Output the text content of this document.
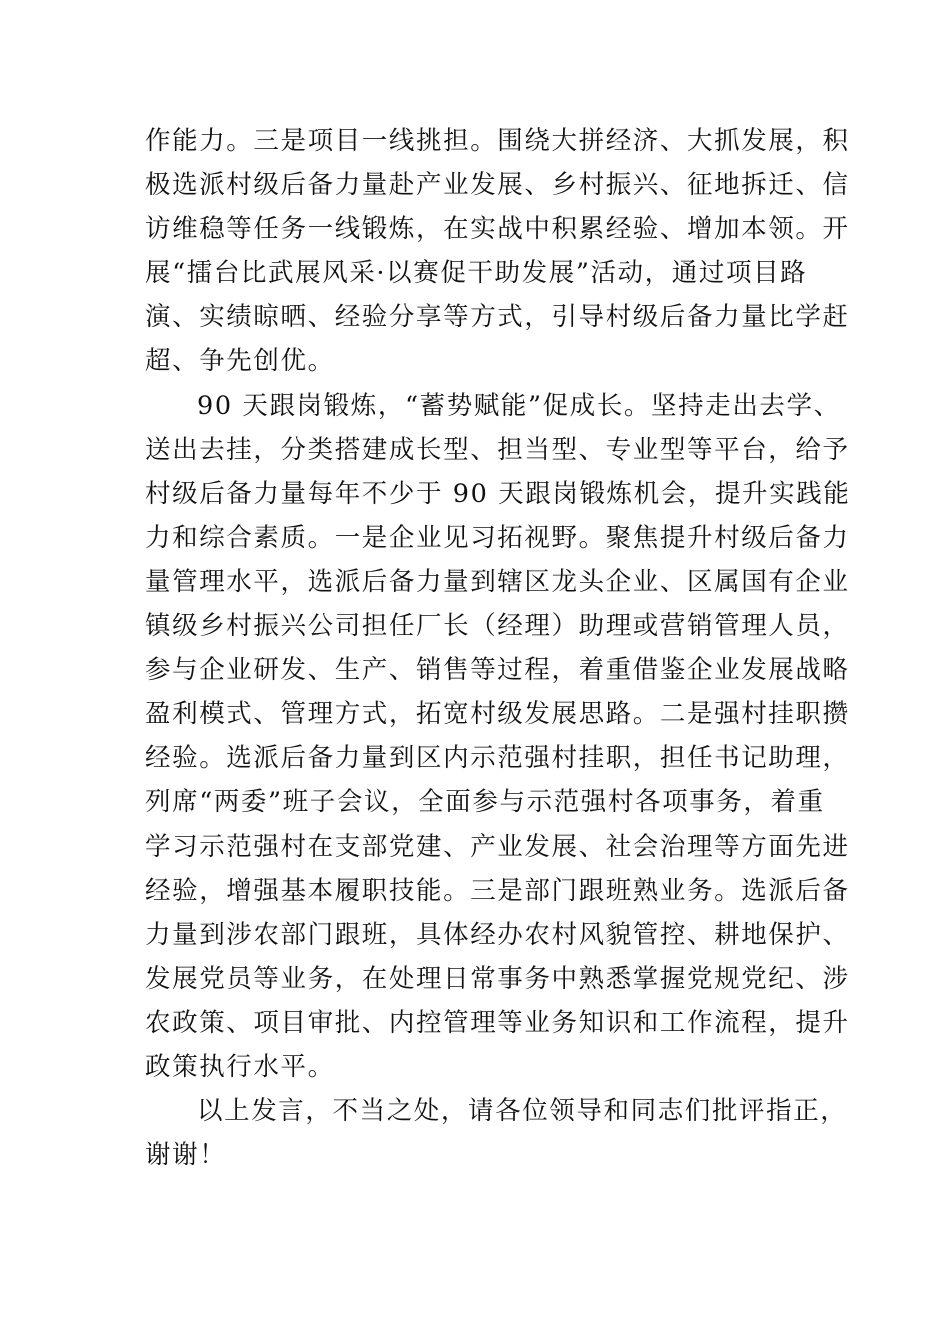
作能力。三是项目一线挑担。围绕大拼经济、大抓发展，积
极选派村级后备力量赴产业发展、乡村振兴、征地拆迁、信
访维稳等任务一线锻炼，在实战中积累经验、增加本领。开
展“擂台比武展风采·以赛促干助发展”活动，通过项目路
演、实绩晾晒、经验分享等方式，引导村级后备力量比学赶
超、争先创优。
90 天跟岗锻炼，“蓄势赋能”促成长。坚持走出去学、
送出去挂，分类搭建成长型、担当型、专业型等平台，给予
村级后备力量每年不少于 90 天跟岗锻炼机会，提升实践能
力和综合素质。一是企业见习拓视野。聚焦提升村级后备力
量管理水平，选派后备力量到辖区龙头企业、区属国有企业
镇级乡村振兴公司担任厂长（经理）助理或营销管理人员，
参与企业研发、生产、销售等过程，着重借鉴企业发展战略
盈利模式、管理方式，拓宽村级发展思路。二是强村挂职攒
经验。选派后备力量到区内示范强村挂职，担任书记助理，
列席“两委”班子会议，全面参与示范强村各项事务，着重
学习示范强村在支部党建、产业发展、社会治理等方面先进
经验，增强基本履职技能。三是部门跟班熟业务。选派后备
力量到涉农部门跟班，具体经办农村风貌管控、耕地保护、
发展党员等业务，在处理日常事务中熟悉掌握党规党纪、涉
农政策、项目审批、内控管理等业务知识和工作流程，提升
政策执行水平。
以上发言，不当之处，请各位领导和同志们批评指正，
谢谢！
